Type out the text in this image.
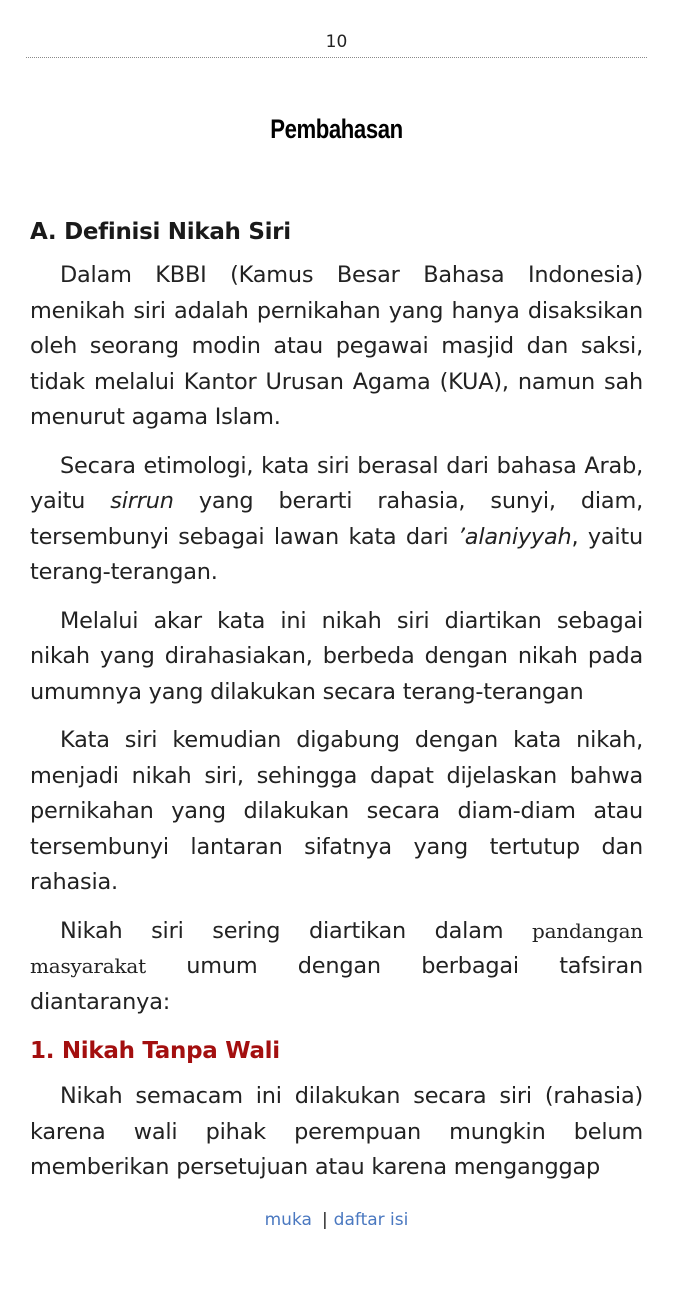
10
Pembahasan
A. Definisi Nikah Siri

Dalam KBBI (Kamus Besar Bahasa Indonesia) menikah siri adalah pernikahan yang hanya disaksikan oleh seorang modin atau pegawai masjid dan saksi, tidak melalui Kantor Urusan Agama (KUA), namun sah menurut agama Islam.

Secara etimologi, kata siri berasal dari bahasa Arab, yaitu sirrun yang berarti rahasia, sunyi, diam, tersembunyi sebagai lawan kata dari ’alaniyyah, yaitu terang-terangan.

Melalui akar kata ini nikah siri diartikan sebagai nikah yang dirahasiakan, berbeda dengan nikah pada umumnya yang dilakukan secara terang-terangan

Kata siri kemudian digabung dengan kata nikah, menjadi nikah siri, sehingga dapat dijelaskan bahwa pernikahan yang dilakukan secara diam-diam atau tersembunyi lantaran sifatnya yang tertutup dan rahasia.

Nikah siri sering diartikan dalam pandangan masyarakat umum dengan berbagai tafsiran diantaranya:

1. Nikah Tanpa Wali

Nikah semacam ini dilakukan secara siri (rahasia) karena wali pihak perempuan mungkin belum memberikan persetujuan atau karena menganggap

muka | daftar isi
